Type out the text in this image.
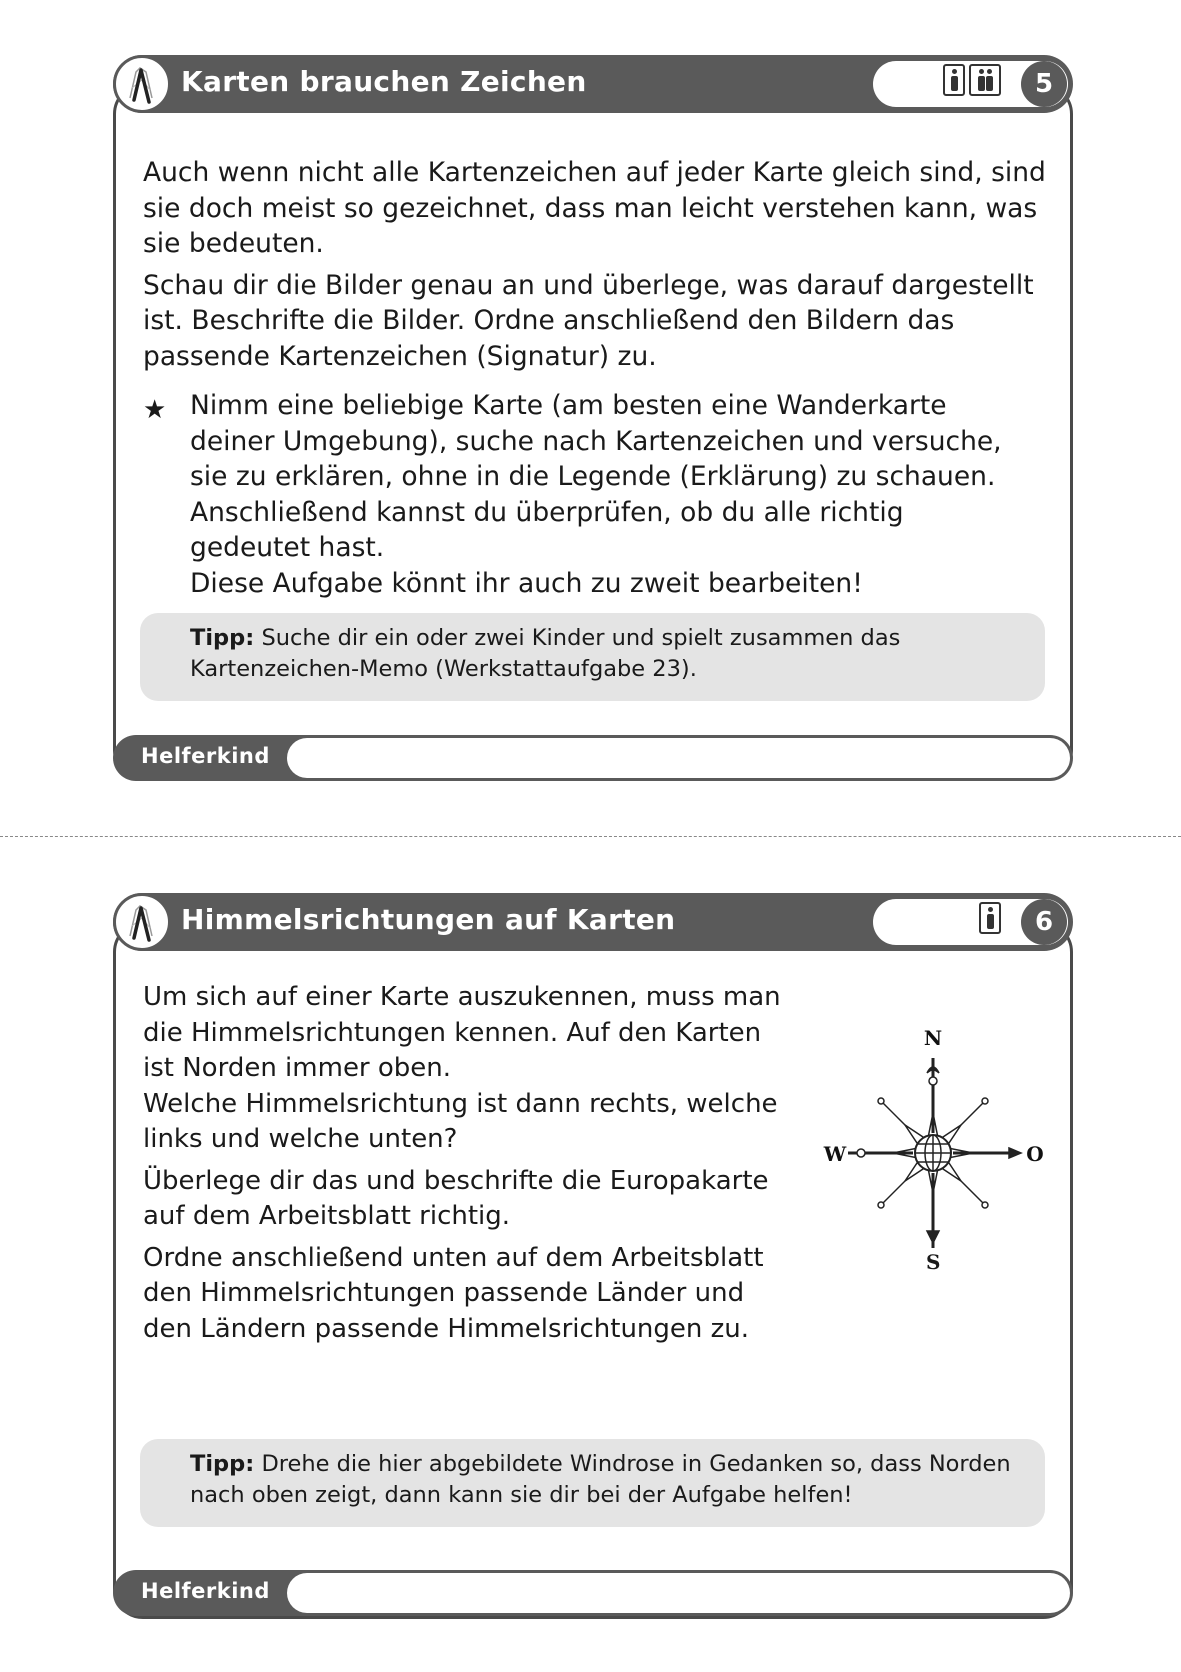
Karten brauchen Zeichen	5

Auch wenn nicht alle Kartenzeichen auf jeder Karte gleich sind, sind sie doch meist so gezeichnet, dass man leicht verstehen kann, was sie bedeuten.

Schau dir die Bilder genau an und überlege, was darauf dargestellt ist. Beschrifte die Bilder. Ordne anschließend den Bildern das passende Kartenzeichen (Signatur) zu.

★ Nimm eine beliebige Karte (am besten eine Wanderkarte deiner Umgebung), suche nach Kartenzeichen und versuche, sie zu erklären, ohne in die Legende (Erklärung) zu schauen. Anschließend kannst du überprüfen, ob du alle richtig gedeutet hast.

Diese Aufgabe könnt ihr auch zu zweit bearbeiten!

Tipp: Suche dir ein oder zwei Kinder und spielt zusammen das Kartenzeichen-Memo (Werkstattaufgabe 23).
Helferkind
Himmelsrichtungen auf Karten	6

Um sich auf einer Karte auszukennen, muss man die Himmelsrichtungen kennen. Auf den Karten ist Norden immer oben.

Welche Himmelsrichtung ist dann rechts, welche links und welche unten?

Überlege dir das und beschrifte die Europakarte auf dem Arbeitsblatt richtig.

Ordne anschließend unten auf dem Arbeitsblatt den Himmelsrichtungen passende Länder und den Ländern passende Himmelsrichtungen zu.

N
W	O
S
Tipp: Drehe die hier abgebildete Windrose in Gedanken so, dass Norden nach oben zeigt, dann kann sie dir bei der Aufgabe helfen!
Helferkind
